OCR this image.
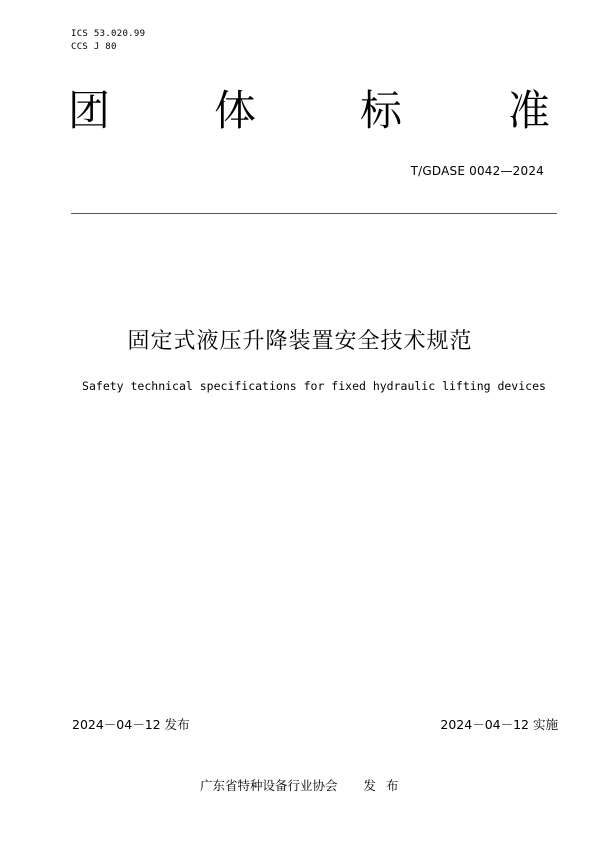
ICS 53.020.99
CCS J 80
团 体 标	准
T/GDASE 0042—2024
固定式液压升降装置安全技术规范
Safety technical specifications for fixed hydraulic lifting devices
2024－04－12 发布	2024－04－12 实施
广东省特种设备行业协会 发布
